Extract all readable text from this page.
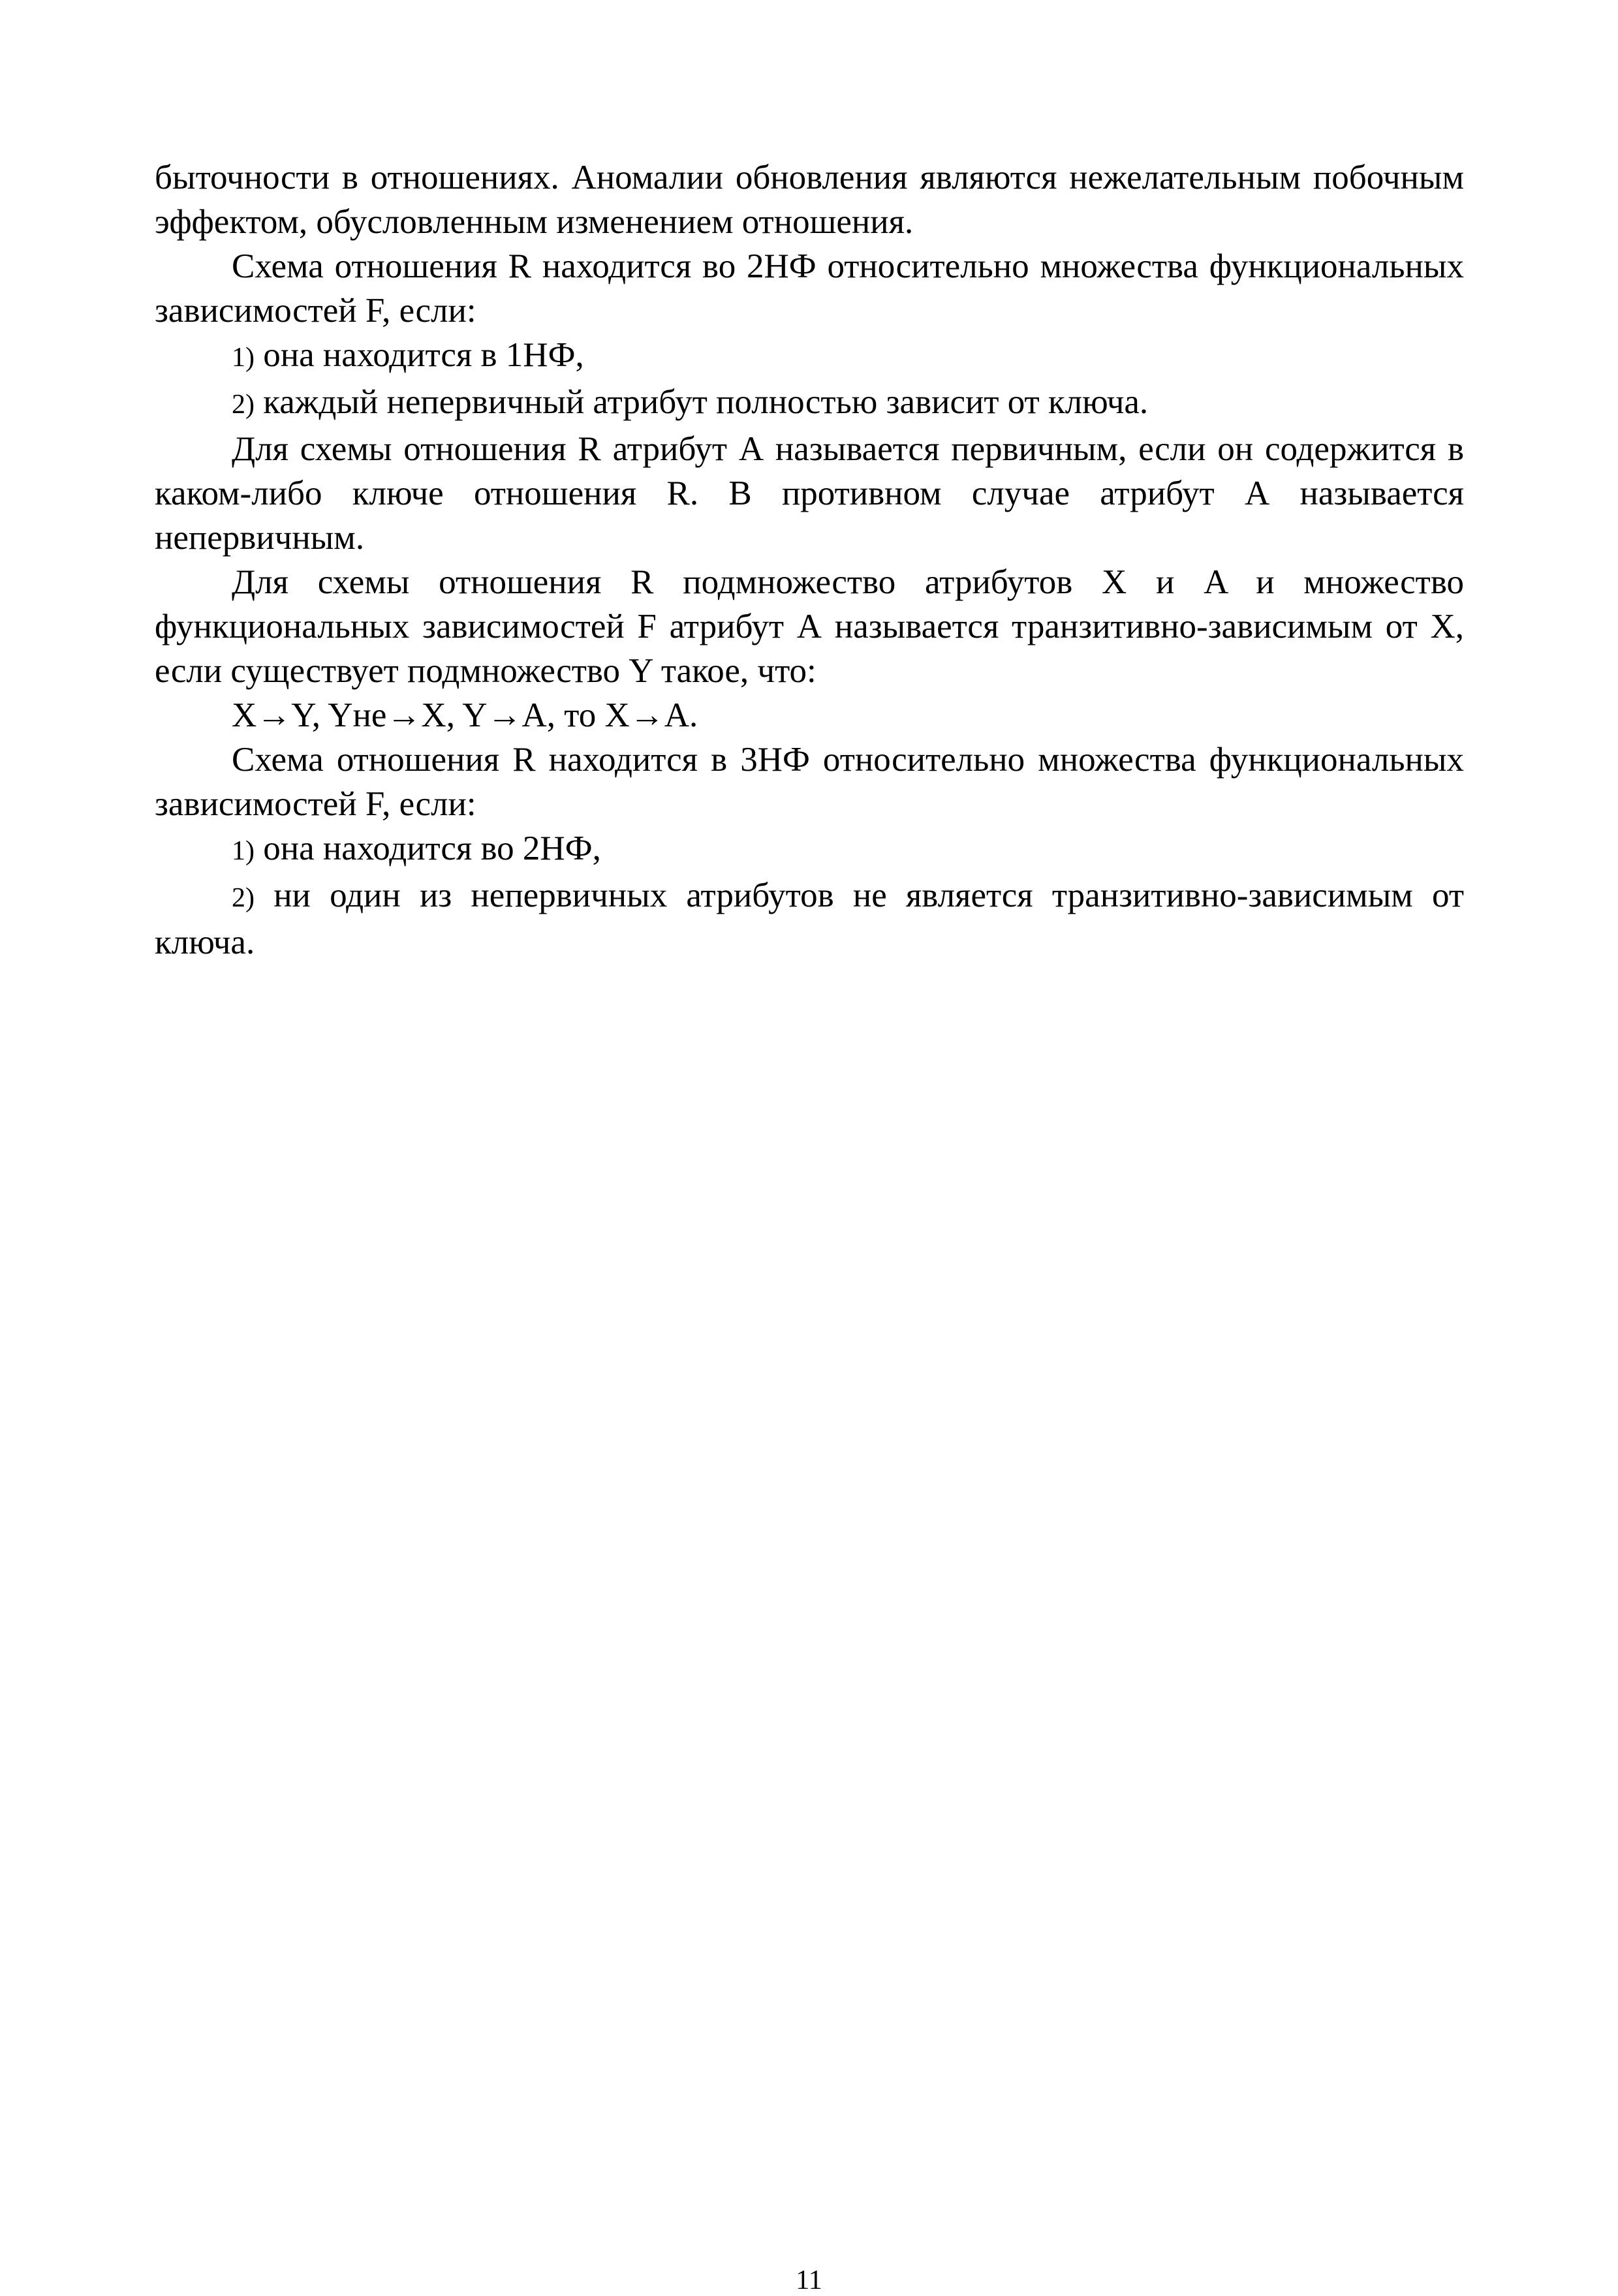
быточности в отношениях. Аномалии обновления являются нежелательным побочным эффектом, обусловленным изменением отношения.

Схема отношения R находится во 2НФ относительно множества функциональных зависимостей F, если:

1) она находится в 1НФ,

2) каждый непервичный атрибут полностью зависит от ключа.

Для схемы отношения R атрибут А называется первичным, если он содержится в каком-либо ключе отношения R. В противном случае атрибут А называется непервичным.

Для схемы отношения R подмножество атрибутов X и A и множество функциональных зависимостей F атрибут А называется транзитивно-зависимым от X, если существует подмножество Y такое, что:

X→Y, Yне→X, Y→A, то X→A.

Схема отношения R находится в 3НФ относительно множества функциональных зависимостей F, если:

1) она находится во 2НФ,

2) ни один из непервичных атрибутов не является транзитивно-зависимым от ключа.

11
